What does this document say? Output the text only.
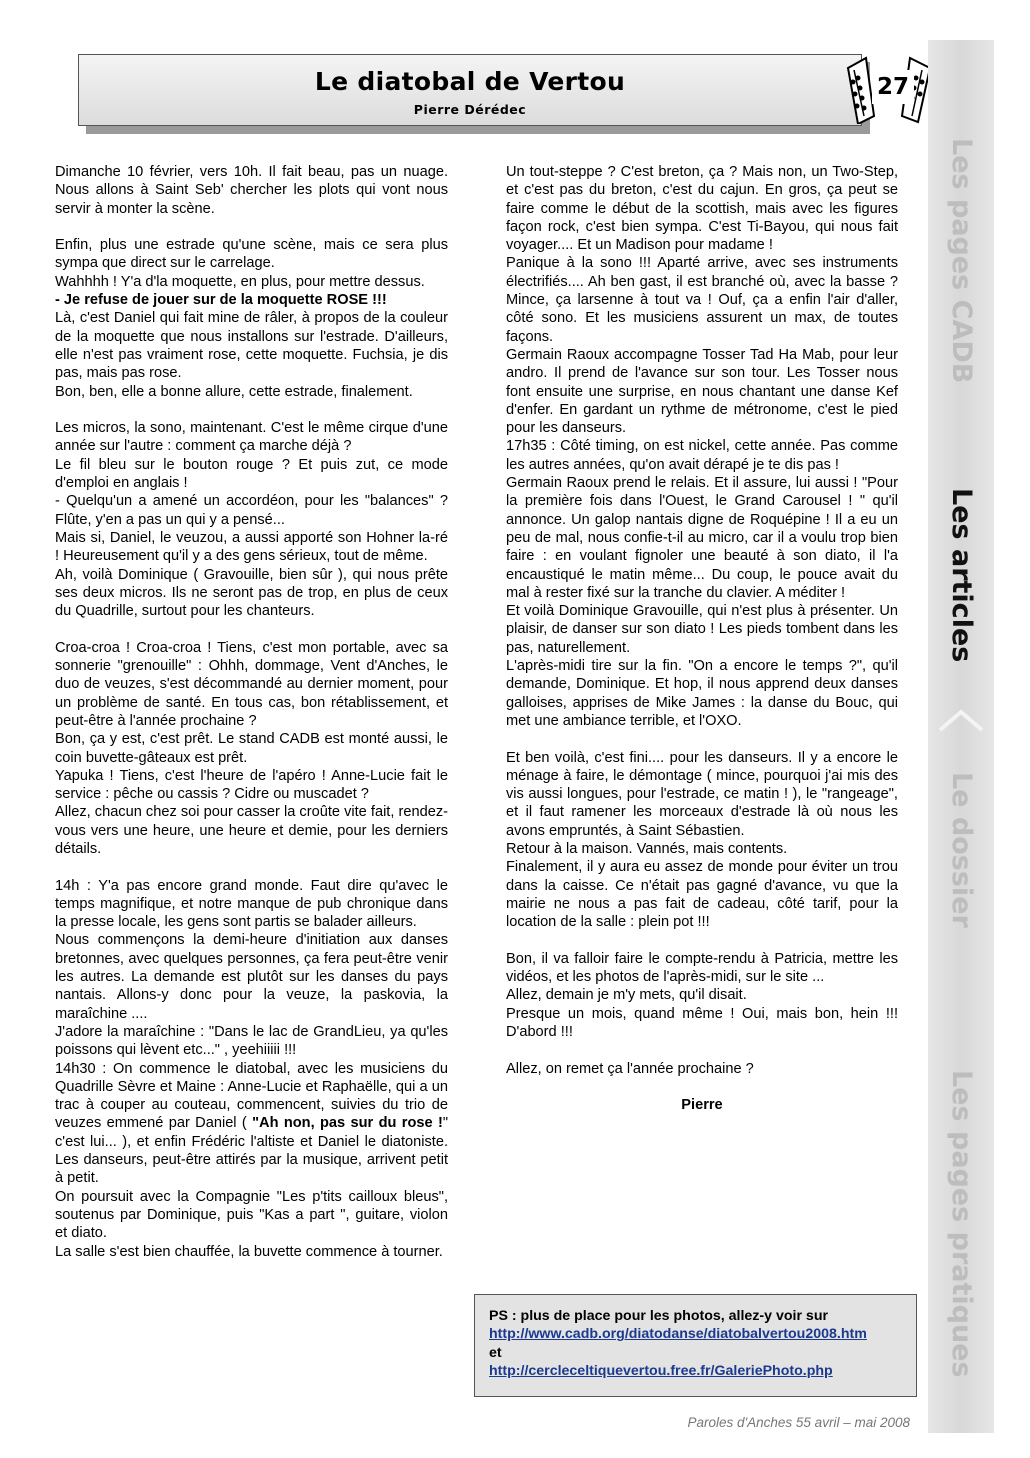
Le diatobal de Vertou
Pierre Dérédec
27
Les pages CADB
Les articles
Le dossier
Les pages pratiques

Dimanche 10 février, vers 10h. Il fait beau, pas un nuage. Nous allons à Saint Seb' chercher les plots qui vont nous servir à monter la scène.

Enfin, plus une estrade qu'une scène, mais ce sera plus sympa que direct sur le carrelage.

Wahhhh ! Y'a d'la moquette, en plus, pour mettre dessus.

- Je refuse de jouer sur de la moquette ROSE !!!

Là, c'est Daniel qui fait mine de râler, à propos de la couleur de la moquette que nous installons sur l'estrade. D'ailleurs, elle n'est pas vraiment rose, cette moquette. Fuchsia, je dis pas, mais pas rose.

Bon, ben, elle a bonne allure, cette estrade, finalement.

Les micros, la sono, maintenant. C'est le même cirque d'une année sur l'autre : comment ça marche déjà ?

Le fil bleu sur le bouton rouge ? Et puis zut, ce mode d'emploi en anglais !

- Quelqu'un a amené un accordéon, pour les "balances" ? Flûte, y'en a pas un qui y a pensé...

Mais si, Daniel, le veuzou, a aussi apporté son Hohner la-ré ! Heureusement qu'il y a des gens sérieux, tout de même.

Ah, voilà Dominique ( Gravouille, bien sûr ), qui nous prête ses deux micros. Ils ne seront pas de trop, en plus de ceux du Quadrille, surtout pour les chanteurs.

Croa-croa ! Croa-croa ! Tiens, c'est mon portable, avec sa sonnerie "grenouille" : Ohhh, dommage, Vent d'Anches, le duo de veuzes, s'est décommandé au dernier moment, pour un problème de santé. En tous cas, bon rétablissement, et peut-être à l'année prochaine ?

Bon, ça y est, c'est prêt. Le stand CADB est monté aussi, le coin buvette-gâteaux est prêt.

Yapuka ! Tiens, c'est l'heure de l'apéro ! Anne-Lucie fait le service : pêche ou cassis ? Cidre ou muscadet ?

Allez, chacun chez soi pour casser la croûte vite fait, rendez-vous vers une heure, une heure et demie, pour les derniers détails.

14h : Y'a pas encore grand monde. Faut dire qu'avec le temps magnifique, et notre manque de pub chronique dans la presse locale, les gens sont partis se balader ailleurs.

Nous commençons la demi-heure d'initiation aux danses bretonnes, avec quelques personnes, ça fera peut-être venir les autres. La demande est plutôt sur les danses du pays nantais. Allons-y donc pour la veuze, la paskovia, la maraîchine ....

J'adore la maraîchine : "Dans le lac de GrandLieu, ya qu'les poissons qui lèvent etc..." , yeehiiiii !!!

14h30 : On commence le diatobal, avec les musiciens du Quadrille Sèvre et Maine : Anne-Lucie et Raphaëlle, qui a un trac à couper au couteau, commencent, suivies du trio de veuzes emmené par Daniel ( "Ah non, pas sur du rose !" c'est lui... ), et enfin Frédéric l'altiste et Daniel le diatoniste. Les danseurs, peut-être attirés par la musique, arrivent petit à petit.

On poursuit avec la Compagnie "Les p'tits cailloux bleus", soutenus par Dominique, puis "Kas a part ", guitare, violon et diato.

La salle s'est bien chauffée, la buvette commence à tourner.

Un tout-steppe ? C'est breton, ça ? Mais non, un Two-Step, et c'est pas du breton, c'est du cajun. En gros, ça peut se faire comme le début de la scottish, mais avec les figures façon rock, c'est bien sympa. C'est Ti-Bayou, qui nous fait voyager.... Et un Madison pour madame !

Panique à la sono !!! Aparté arrive, avec ses instruments électrifiés.... Ah ben gast, il est branché où, avec la basse ? Mince, ça larsenne à tout va ! Ouf, ça a enfin l'air d'aller, côté sono. Et les musiciens assurent un max, de toutes façons.

Germain Raoux accompagne Tosser Tad Ha Mab, pour leur andro. Il prend de l'avance sur son tour. Les Tosser nous font ensuite une surprise, en nous chantant une danse Kef d'enfer. En gardant un rythme de métronome, c'est le pied pour les danseurs.

17h35 : Côté timing, on est nickel, cette année. Pas comme les autres années, qu'on avait dérapé je te dis pas !

Germain Raoux prend le relais. Et il assure, lui aussi ! "Pour la première fois dans l'Ouest, le Grand Carousel ! " qu'il annonce. Un galop nantais digne de Roquépine ! Il a eu un peu de mal, nous confie-t-il au micro, car il a voulu trop bien faire : en voulant fignoler une beauté à son diato, il l'a encaustiqué le matin même... Du coup, le pouce avait du mal à rester fixé sur la tranche du clavier. A méditer !

Et voilà Dominique Gravouille, qui n'est plus à présenter. Un plaisir, de danser sur son diato ! Les pieds tombent dans les pas, naturellement.

L'après-midi tire sur la fin. "On a encore le temps ?", qu'il demande, Dominique. Et hop, il nous apprend deux danses galloises, apprises de Mike James : la danse du Bouc, qui met une ambiance terrible, et l'OXO.

Et ben voilà, c'est fini.... pour les danseurs. Il y a encore le ménage à faire, le démontage ( mince, pourquoi j'ai mis des vis aussi longues, pour l'estrade, ce matin ! ), le "rangeage", et il faut ramener les morceaux d'estrade là où nous les avons empruntés, à Saint Sébastien.

Retour à la maison. Vannés, mais contents.

Finalement, il y aura eu assez de monde pour éviter un trou dans la caisse. Ce n'était pas gagné d'avance, vu que la mairie ne nous a pas fait de cadeau, côté tarif, pour la location de la salle : plein pot !!!

Bon, il va falloir faire le compte-rendu à Patricia, mettre les vidéos, et les photos de l'après-midi, sur le site ...

Allez, demain je m'y mets, qu'il disait.

Presque un mois, quand même ! Oui, mais bon, hein !!! D'abord !!!

Allez, on remet ça l'année prochaine ?

Pierre

PS : plus de place pour les photos, allez-y voir sur
http://www.cadb.org/diatodanse/diatobalvertou2008.htm
et
http://cercleceltiquevertou.free.fr/GaleriePhoto.php
Paroles d'Anches 55 avril – mai 2008
